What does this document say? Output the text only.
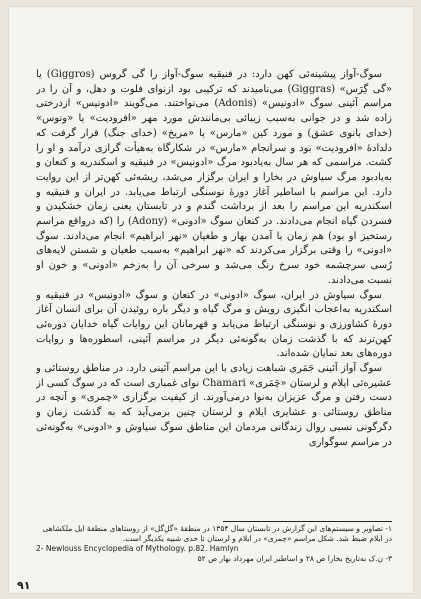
سوگ-آواز پیشینه‌ئی کهن دارد: در فنیقیه سوگ-آواز را گی گروس (Giggros) یا «گی گِرَس» (Giggras) می‌نامیدند که ترکیبی بود ازنوای فلوت و دهل، و آن را در مراسم آئینی سوگ «ادونیس» (Adonis) می‌نواختند. می‌گویند «ادونیس» ازدرختی زاده شد و در جوانی به‌سبب زیبائی بی‌مانندش مورد مهر «افرودیت» یا «ونوس» (خدای بانوی عشق) و مورد کین «مارس» یا «مریخ» (خدای جنگ) قرار گرفت که دلدادهٔ «افرودیت» بود و سرانجام «مارس» در شکارگاه به‌هیأت گرازی درآمد و او را کشت. مراسمی که هر سال به‌یادبود مرگ «ادونیس» در فنیقیه و اسکندریه و کنعان و به‌یادبود مرگ سیاوش در بخارا و ایران برگزار می‌شد، ریشه‌ئی کهن‌تر از این روایت دارد. این مراسم با اساطیر آغاز دورهٔ نوسنگی ارتباط می‌یابد. در ایران و فنیقیه و اسکندریه این مراسم را بعد از برداشت گندم و در تابستان یعنی زمان خشکیدن و فسردن گیاه انجام می‌دادند. در کنعان سوگ «ادونی» (Adony) را (که درواقع مراسم رستخیز او بود) هم زمان با آمدن بهار و طغیان «نهر ابراهیم» انجام می‌دادند. سوگ «ادونی» را وقتی برگزار می‌کردند که «نهر ابراهیم» به‌سبب طغیان و شستن لایه‌های رُسی سرچشمه خود سرخ رنگ می‌شد و سرخی آن را به‌زخم «ادونی» و خون او نسبت می‌دادند.

سوگ سیاوش در ایران، سوگ «ادونی» در کنعان و سوگ «ادونیس» در فنیقیه و اسکندریه به‌اعجاب انگیزی رویش و مرگ گیاه و دیگر باره روئیدن آن برای انسان آغاز دورهٔ کشاورزی و نوسنگی ارتباط می‌یابد و قهرمانان این روایات گیاه خدایان دوره‌ئی کهن‌ترند که با گذشت زمان به‌گونه‌ئی دیگر در مراسم آئینی، اسطوره‌ها و روایات دوره‌های بعد نمایان شده‌اند.

سوگ آواز آئینی جَمَری شباهت زیادی با این مراسم آئینی دارد. در مناطق روستائی و عشیره‌ئی ایلام و لرستان «چَمَری» Chamari نوای غمباری است که در سوگ کسی از دست رفتن و مرگ عزیزان به‌نوا درمی‌آورند. از کیفیت برگزاری «چمری» و آنچه در مناطق روستائی و عشایری ایلام و لرستان چنین برمی‌آید که به گذشت زمان و دگرگونی نسبی روال زندگانی مردمان این مناطق سوگ سیاوش و «ادونی» به‌گونه‌ئی در مراسم سوگواری

۱- تصاویر و سیستم‌های این گزارش در تابستان سال ۱۳۵۴ در منطقهٔ «گلِ‌گل» از روستاهای منطقهٔ ایل ملکشاهی در ایلام ضبط شد. شکل مراسم «چمری» در ایلام و لرستان تا حدی شبیه یکدیگر است.

2- Newlouss Encyclopedia of Mythology. p.82. Hamlyn

۳- ن.ک به‌تاریخ بخارا ص ۲۸ و اساطیر ایران مهرداد بهار ص ۵۲

۹۱
